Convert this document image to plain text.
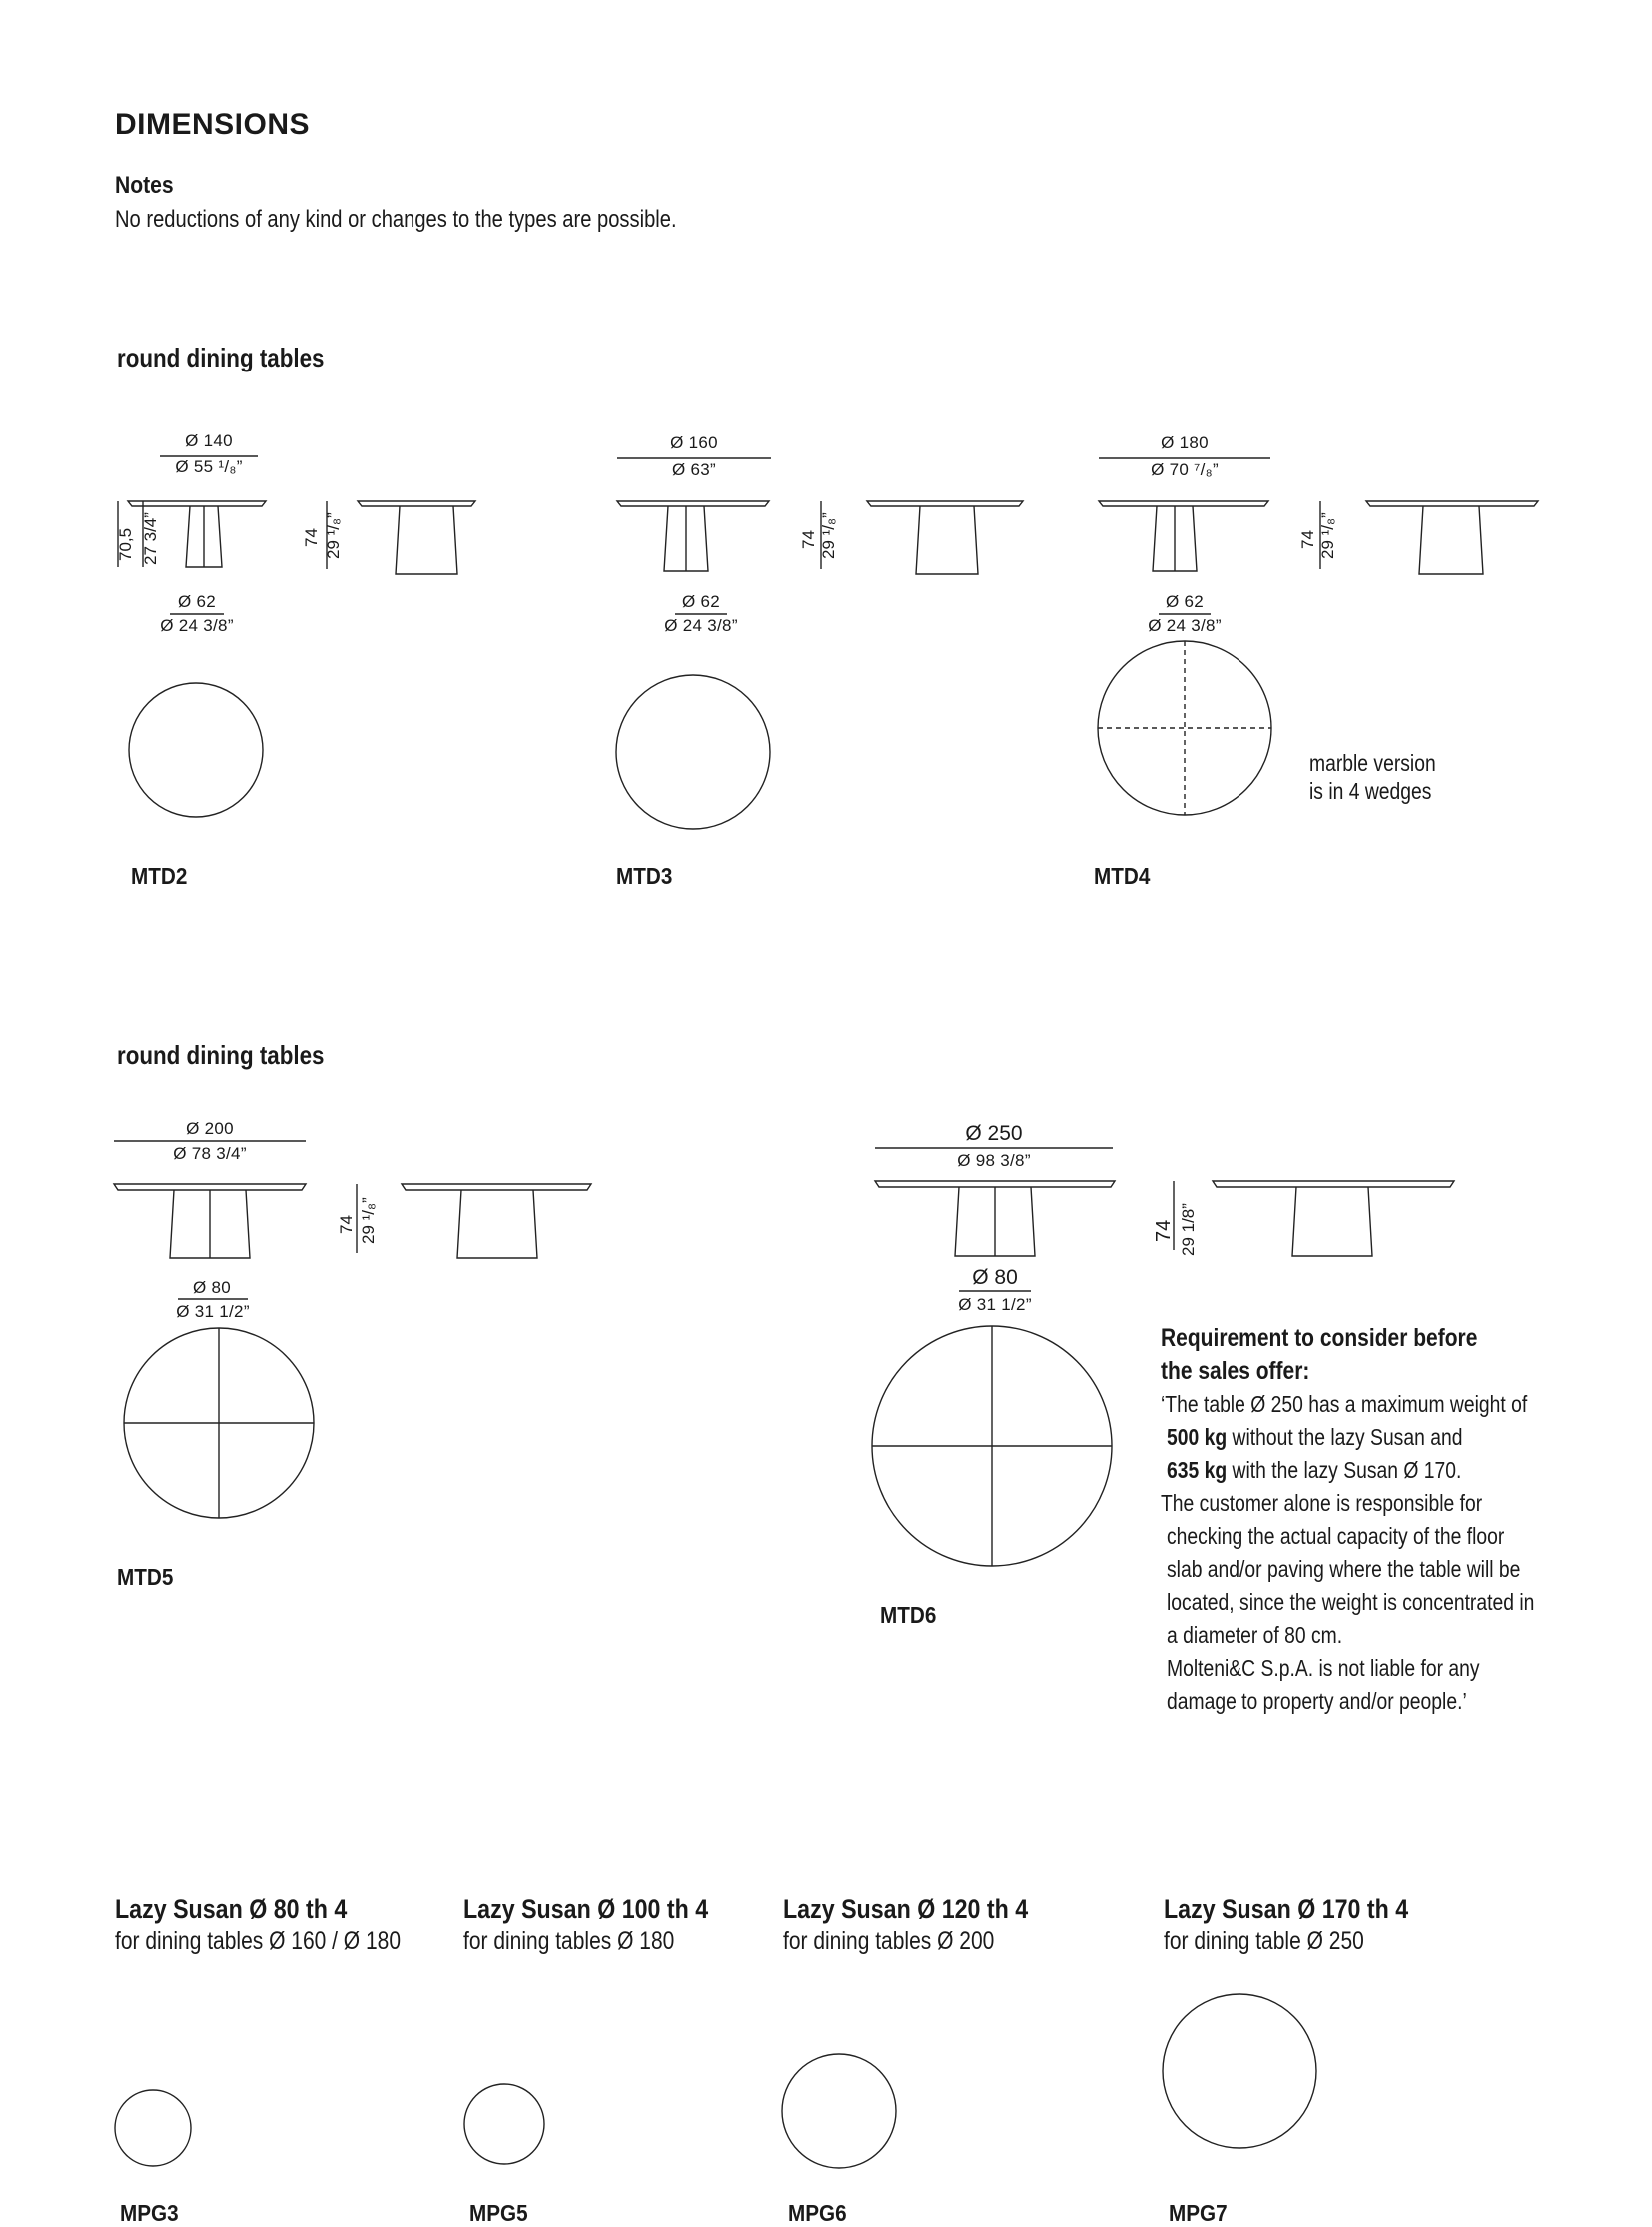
DIMENSIONS
Notes
No reductions of any kind or changes to the types are possible.
round dining tables
Ø 140
Ø 55 ¹/₈”
70,5 27 3/4”	74 29 ¹/₈”
Ø 62
Ø 24 3/8”
MTD2
Ø 160
Ø 63”
74 29 ¹/₈”
Ø 62
Ø 24 3/8”
MTD3
Ø 180
Ø 70 ⁷/₈”
74 29 ¹/₈”
Ø 62
Ø 24 3/8”
marble version
is in 4 wedges
MTD4
round dining tables
Ø 200
Ø 78 3/4”
74 29 ¹/₈”
Ø 80
Ø 31 1/2”
MTD5
Ø 250
Ø 98 3/8”
74 29 1/8”
Ø 80
Ø 31 1/2”
MTD6
Requirement to consider before
the sales offer:
‘The table Ø 250 has a maximum weight of
500 kg without the lazy Susan and
635 kg with the lazy Susan Ø 170.
The customer alone is responsible for
checking the actual capacity of the floor
slab and/or paving where the table will be
located, since the weight is concentrated in
a diameter of 80 cm.
Molteni&C S.p.A. is not liable for any
damage to property and/or people.’
Lazy Susan Ø 80 th 4
for dining tables Ø 160 / Ø 180
MPG3
Lazy Susan Ø 100 th 4
for dining tables Ø 180
MPG5
Lazy Susan Ø 120 th 4
for dining tables Ø 200
MPG6
Lazy Susan Ø 170 th 4
for dining table Ø 250
MPG7
